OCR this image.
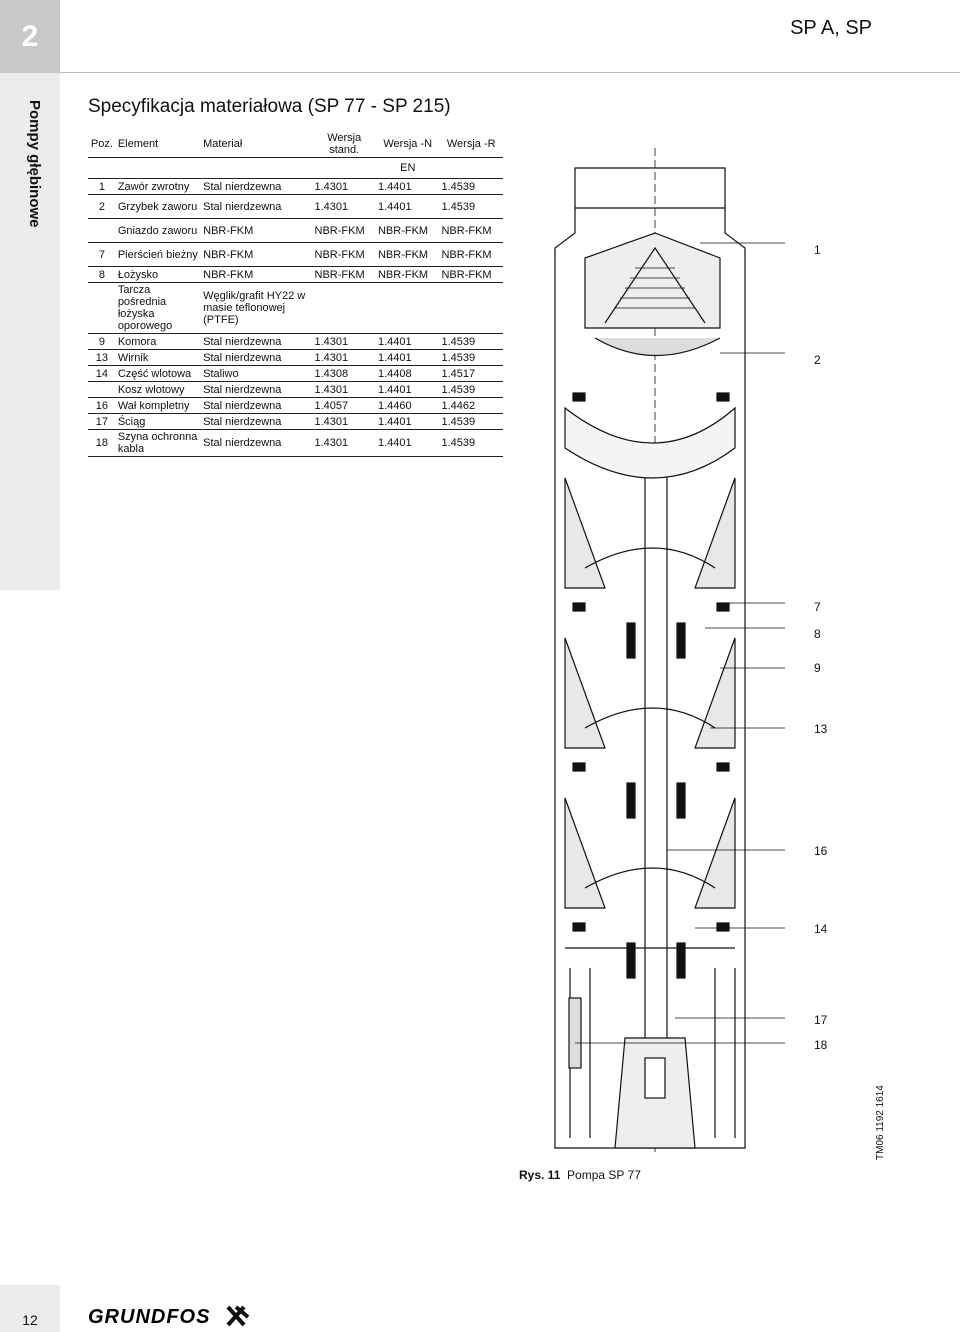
2	SP A, SP
Pompy głębinowe Specyfikacja materiałowa (SP 77 - SP 215)
Poz.	Element	Materiał	Wersja stand.	Wersja -N	Wersja -R
			EN		
1	Zawór zwrotny	Stal nierdzewna	1.4301	1.4401	1.4539
2	Grzybek zaworu	Stal nierdzewna	1.4301	1.4401	1.4539
	Gniazdo zaworu	NBR-FKM	NBR-FKM	NBR-FKM	NBR-FKM
7	Pierścień bieżny	NBR-FKM	NBR-FKM	NBR-FKM	NBR-FKM
8	Łożysko	NBR-FKM	NBR-FKM	NBR-FKM	NBR-FKM
	Tarcza pośrednia łożyska oporowego	Węglik/grafit HY22 w masie teflonowej (PTFE)			
9	Komora	Stal nierdzewna	1.4301	1.4401	1.4539
13	Wirnik	Stal nierdzewna	1.4301	1.4401	1.4539
14	Część wlotowa	Staliwo	1.4308	1.4408	1.4517
	Kosz wlotowy	Stal nierdzewna	1.4301	1.4401	1.4539
16	Wał kompletny	Stal nierdzewna	1.4057	1.4460	1.4462
17	Ściąg	Stal nierdzewna	1.4301	1.4401	1.4539
18	Szyna ochronna kabla	Stal nierdzewna	1.4301	1.4401	1.4539
1
2
7
8
9
13
16
14
17
18
Rys. 11 Pompa SP 77
TM06 1192 1614
12	GRUNDFOS
